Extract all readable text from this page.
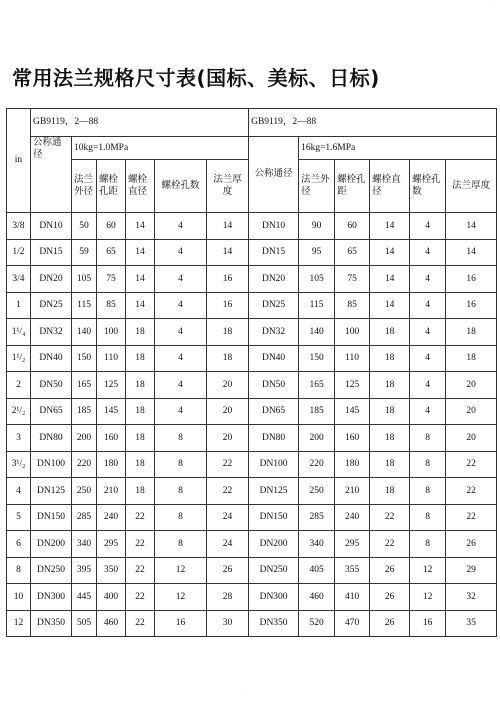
…
常用法兰规格尺寸表(国标、美标、日标)
in	GB9119，2—88						GB9119，2—88					
	公称通径	10kg=1.0MPa					公称通径	16kg=1.6MPa				
		法兰外径	螺栓孔距	螺栓直径	螺栓孔数	法兰厚度		法兰外径	螺栓孔距	螺栓直径	螺栓孔数	法兰厚度
3/8	DN10	50	60	14	4	14	DN10	90	60	14	4	14
1/2	DN15	59	65	14	4	14	DN15	95	65	14	4	14
3/4	DN20	105	75	14	4	16	DN20	105	75	14	4	16
1	DN25	115	85	14	4	16	DN25	115	85	14	4	16
1¹/₄	DN32	140	100	18	4	18	DN32	140	100	18	4	18
1¹/₂	DN40	150	110	18	4	18	DN40	150	110	18	4	18
2	DN50	165	125	18	4	20	DN50	165	125	18	4	20
2¹/₂	DN65	185	145	18	4	20	DN65	185	145	18	4	20
3	DN80	200	160	18	8	20	DN80	200	160	18	8	20
3¹/₂	DN100	220	180	18	8	22	DN100	220	180	18	8	22
4	DN125	250	210	18	8	22	DN125	250	210	18	8	22
5	DN150	285	240	22	8	24	DN150	285	240	22	8	22
6	DN200	340	295	22	8	24	DN200	340	295	22	8	26
8	DN250	395	350	22	12	26	DN250	405	355	26	12	29
10	DN300	445	400	22	12	28	DN300	460	410	26	12	32
12	DN350	505	460	22	16	30	DN350	520	470	26	16	35
…
